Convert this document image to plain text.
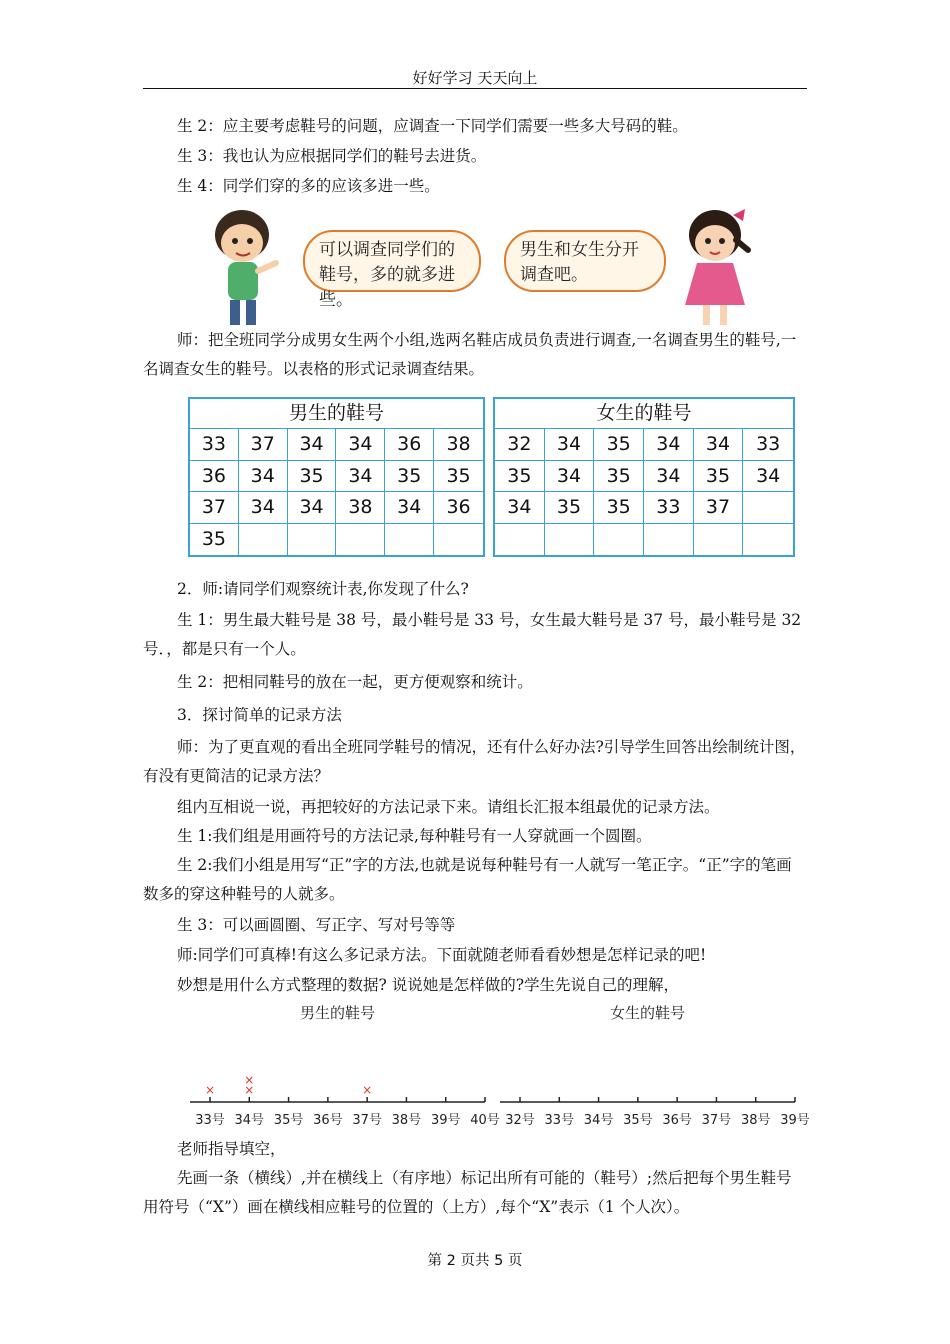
好好学习 天天向上

生 2：应主要考虑鞋号的问题，应调查一下同学们需要一些多大号码的鞋。

生 3：我也认为应根据同学们的鞋号去进货。

生 4：同学们穿的多的应该多进一些。

可以调查同学们的鞋号，多的就多进些。
男生和女生分开调查吧。

师：把全班同学分成男女生两个小组,选两名鞋店成员负责进行调查,一名调查男生的鞋号,一名调查女生的鞋号。以表格的形式记录调查结果。

男生的鞋号
33	37	34	34	36	38
36	34	35	34	35	35
37	34	34	38	34	36
35
女生的鞋号
32	34	35	34	34	33
35	34	35	34	35	34
34	35	35	33	37

2．师:请同学们观察统计表,你发现了什么?

生 1：男生最大鞋号是 38 号，最小鞋号是 33 号，女生最大鞋号是 37 号，最小鞋号是 32 号．，都是只有一个人。

生 2：把相同鞋号的放在一起，更方便观察和统计。

3．探讨简单的记录方法

师：为了更直观的看出全班同学鞋号的情况，还有什么好办法?引导学生回答出绘制统计图，有没有更简洁的记录方法？

组内互相说一说，再把较好的方法记录下来。请组长汇报本组最优的记录方法。

生 1:我们组是用画符号的方法记录,每种鞋号有一人穿就画一个圆圈。

生 2:我们小组是用写“正”字的方法,也就是说每种鞋号有一人就写一笔正字。“正”字的笔画数多的穿这种鞋号的人就多。

生 3：可以画圆圈、写正字、写对号等等

师:同学们可真棒!有这么多记录方法。下面就随老师看看妙想是怎样记录的吧!

妙想是用什么方式整理的数据? 说说她是怎样做的?学生先说自己的理解，

男生的鞋号
33号
×
34号
×
×
35号 36号 37号
×
38号 39号 40号
女生的鞋号
32号 33号 34号 35号 36号 37号 38号 39号

老师指导填空，

先画一条（横线）,并在横线上（有序地）标记出所有可能的（鞋号）;然后把每个男生鞋号用符号（“X”）画在横线相应鞋号的位置的（上方）,每个“X”表示（1 个人次）。

第 2 页共 5 页
